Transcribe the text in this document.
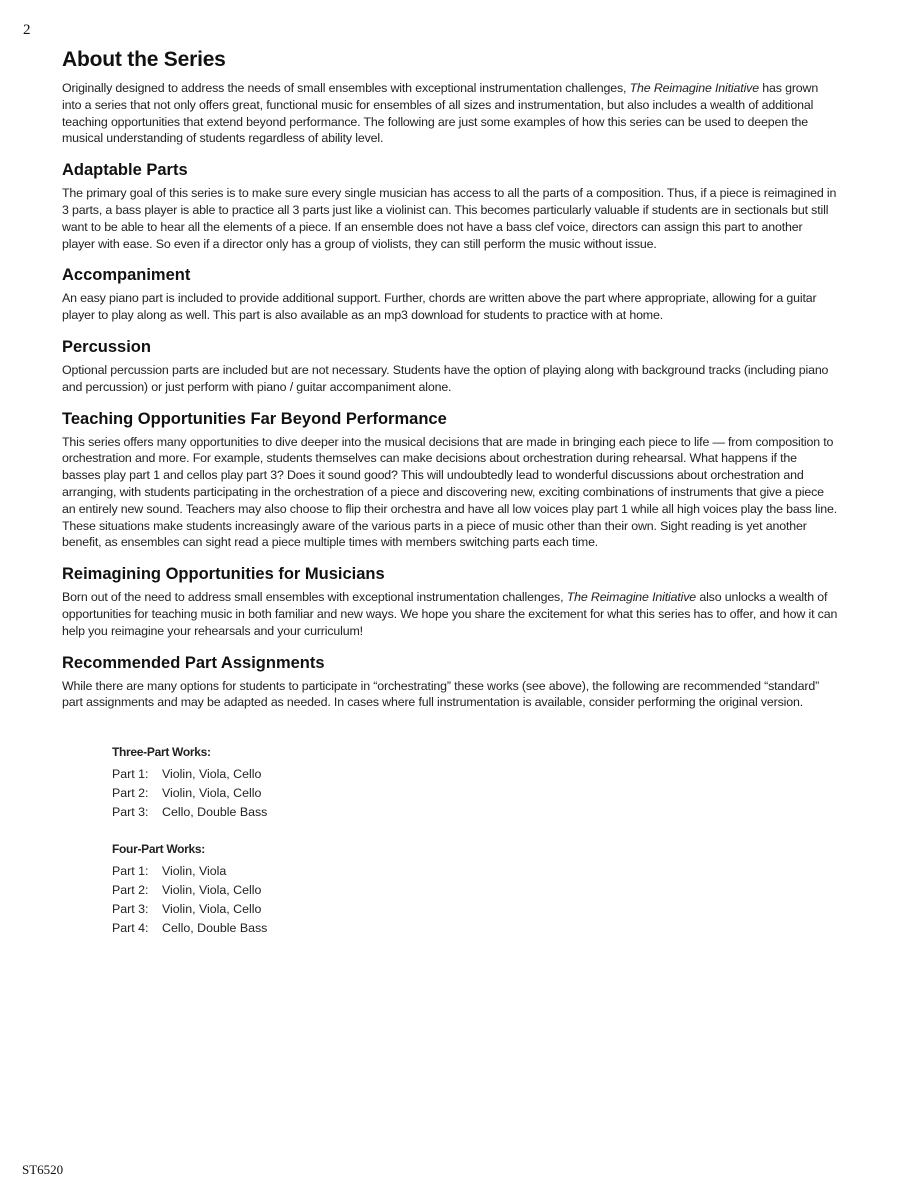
2
About the Series

Originally designed to address the needs of small ensembles with exceptional instrumentation challenges, The Reimagine Initiative has grown into a series that not only offers great, functional music for ensembles of all sizes and instrumentation, but also includes a wealth of additional teaching opportunities that extend beyond performance. The following are just some examples of how this series can be used to deepen the musical understanding of students regardless of ability level.

Adaptable Parts

The primary goal of this series is to make sure every single musician has access to all the parts of a composition. Thus, if a piece is reimagined in 3 parts, a bass player is able to practice all 3 parts just like a violinist can. This becomes particularly valuable if students are in sectionals but still want to be able to hear all the elements of a piece. If an ensemble does not have a bass clef voice, directors can assign this part to another player with ease. So even if a director only has a group of violists, they can still perform the music without issue.

Accompaniment

An easy piano part is included to provide additional support. Further, chords are written above the part where appropriate, allowing for a guitar player to play along as well. This part is also available as an mp3 download for students to practice with at home.

Percussion

Optional percussion parts are included but are not necessary. Students have the option of playing along with background tracks (including piano and percussion) or just perform with piano / guitar accompaniment alone.

Teaching Opportunities Far Beyond Performance

This series offers many opportunities to dive deeper into the musical decisions that are made in bringing each piece to life — from composition to orchestration and more. For example, students themselves can make decisions about orchestration during rehearsal. What happens if the basses play part 1 and cellos play part 3? Does it sound good? This will undoubtedly lead to wonderful discussions about orchestration and arranging, with students participating in the orchestration of a piece and discovering new, exciting combinations of instruments that give a piece an entirely new sound. Teachers may also choose to flip their orchestra and have all low voices play part 1 while all high voices play the bass line. These situations make students increasingly aware of the various parts in a piece of music other than their own. Sight reading is yet another benefit, as ensembles can sight read a piece multiple times with members switching parts each time.

Reimagining Opportunities for Musicians

Born out of the need to address small ensembles with exceptional instrumentation challenges, The Reimagine Initiative also unlocks a wealth of opportunities for teaching music in both familiar and new ways. We hope you share the excitement for what this series has to offer, and how it can help you reimagine your rehearsals and your curriculum!

Recommended Part Assignments

While there are many options for students to participate in “orchestrating” these works (see above), the following are recommended “standard” part assignments and may be adapted as needed. In cases where full instrumentation is available, consider performing the original version.

Three-Part Works:
Part 1:	Violin, Viola, Cello
Part 2:	Violin, Viola, Cello
Part 3:	Cello, Double Bass
Four-Part Works:
Part 1:	Violin, Viola
Part 2:	Violin, Viola, Cello
Part 3:	Violin, Viola, Cello
Part 4:	Cello, Double Bass
ST6520
